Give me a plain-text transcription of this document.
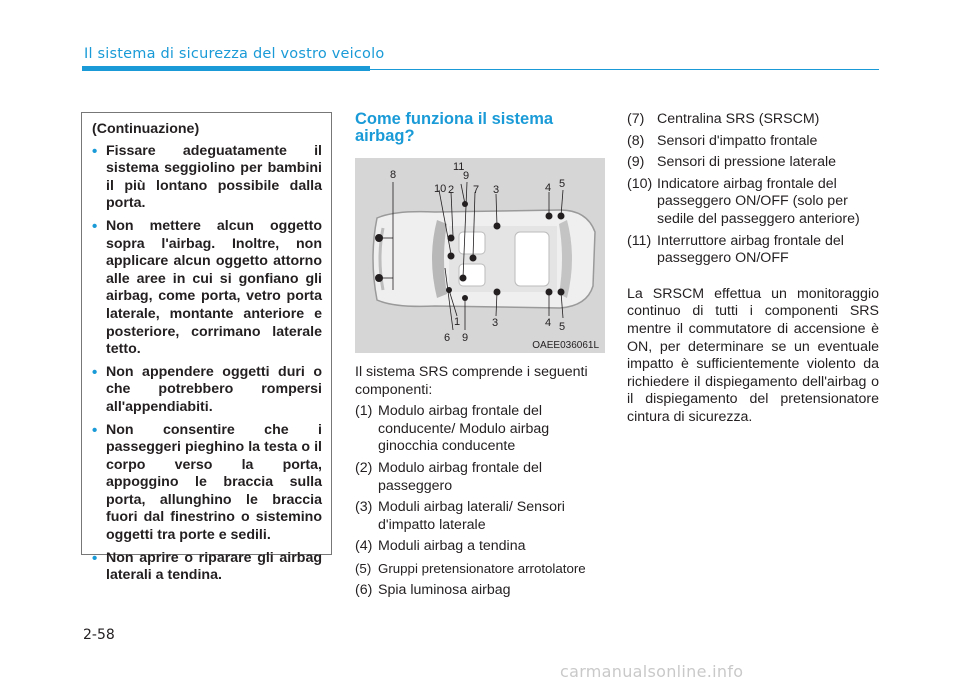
Il sistema di sicurezza del vostro veicolo

(Continuazione)

• Fissare adeguatamente il sistema seggiolino per bambini il più lontano possibile dalla porta.
• Non mettere alcun oggetto sopra l'airbag. Inoltre, non applicare alcun oggetto attorno alle aree in cui si gonfiano gli airbag, come porta, vetro porta laterale, montante anteriore e posteriore, corrimano laterale tetto.
• Non appendere oggetti duri o che potrebbero rompersi all'appendiabiti.
• Non consentire che i passeggeri pieghino la testa o il corpo verso la porta, appoggino le braccia sulla porta, allunghino le braccia fuori dal finestrino o sistemino oggetti tra porte e sedili.
• Non aprire o riparare gli airbag laterali a tendina.
Come funziona il sistema airbag?
8
10 2
11
9
7 3	4 5
1
6 9
3	4 5
OAEE036061L

Il sistema SRS comprende i seguenti componenti:

(1) Modulo airbag frontale del conducente/ Modulo airbag ginocchia conducente
(2) Modulo airbag frontale del passeggero
(3) Moduli airbag laterali/ Sensori d'impatto laterale
(4) Moduli airbag a tendina
(5) Gruppi pretensionatore arrotolatore
(6) Spia luminosa airbag
(7) Centralina SRS (SRSCM)
(8) Sensori d'impatto frontale
(9) Sensori di pressione laterale
(10) Indicatore airbag frontale del passeggero ON/OFF (solo per sedile del passeggero anteriore)
(11) Interruttore airbag frontale del passeggero ON/OFF
La SRSCM effettua un monitoraggio continuo di tutti i componenti SRS mentre il commutatore di accensione è ON, per determinare se un eventuale impatto è sufficientemente violento da richiedere il dispiegamento dell'airbag o il dispiegamento del pretensionatore cintura di sicurezza.
2-58
carmanualsonline.info
